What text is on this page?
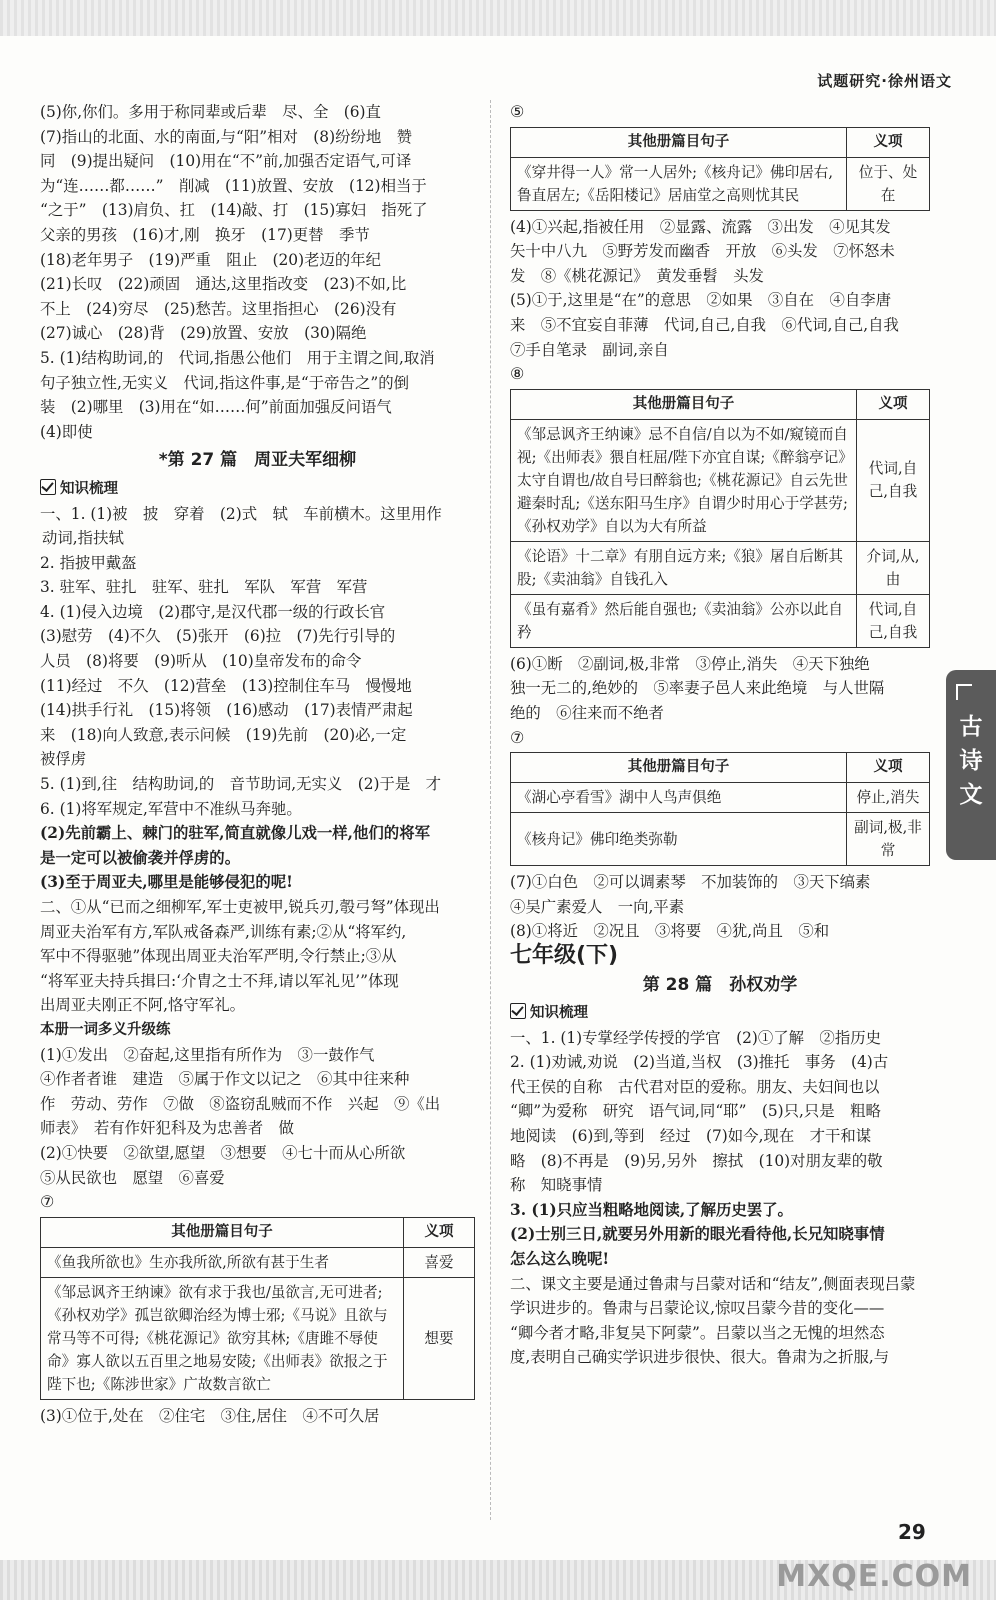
试题研究·徐州语文
(5)你,你们。多用于称同辈或后辈　尽、全　(6)直
(7)指山的北面、水的南面,与“阳”相对　(8)纷纷地　赞
同　(9)提出疑问　(10)用在“不”前,加强否定语气,可译
为“连……都……”　削减　(11)放置、安放　(12)相当于
“之于”　(13)肩负、扛　(14)敲、打　(15)寡妇　指死了
父亲的男孩　(16)才,刚　换牙　(17)更替　季节
(18)老年男子　(19)严重　阻止　(20)老迈的年纪
(21)长叹　(22)顽固　通达,这里指改变　(23)不如,比
不上　(24)穷尽　(25)愁苦。这里指担心　(26)没有
(27)诚心　(28)背　(29)放置、安放　(30)隔绝
5. (1)结构助词,的　代词,指愚公他们　用于主谓之间,取消
句子独立性,无实义　代词,指这件事,是“于帝告之”的倒
装　(2)哪里　(3)用在“如……何”前面加强反问语气
(4)即使
*第 27 篇　周亚夫军细柳
知识梳理
一、1. (1)被　披　穿着　(2)式　轼　车前横木。这里用作
动词,指扶轼
2. 指披甲戴盔
3. 驻军、驻扎　驻军、驻扎　军队　军营　军营
4. (1)侵入边境　(2)郡守,是汉代郡一级的行政长官
(3)慰劳　(4)不久　(5)张开　(6)拉　(7)先行引导的
人员　(8)将要　(9)听从　(10)皇帝发布的命令
(11)经过　不久　(12)营垒　(13)控制住车马　慢慢地
(14)拱手行礼　(15)将领　(16)感动　(17)表情严肃起
来　(18)向人致意,表示问候　(19)先前　(20)必,一定
被俘虏
5. (1)到,往　结构助词,的　音节助词,无实义　(2)于是　才
6. (1)将军规定,军营中不准纵马奔驰。
(2)先前霸上、棘门的驻军,简直就像儿戏一样,他们的将军
是一定可以被偷袭并俘虏的。
(3)至于周亚夫,哪里是能够侵犯的呢!
二、①从“已而之细柳军,军士吏被甲,锐兵刃,彀弓弩”体现出
周亚夫治军有方,军队戒备森严,训练有素;②从“将军约,
军中不得驱驰”体现出周亚夫治军严明,令行禁止;③从
“将军亚夫持兵揖曰:‘介胄之士不拜,请以军礼见’”体现
出周亚夫刚正不阿,恪守军礼。
本册一词多义升级练
(1)①发出　②奋起,这里指有所作为　③一鼓作气
④作者者谁　建造　⑤属于作文以记之　⑥其中往来种
作　劳动、劳作　⑦做　⑧盗窃乱贼而不作　兴起　⑨《出
师表》　若有作奸犯科及为忠善者　做
(2)①快要　②欲望,愿望　③想要　④七十而从心所欲
⑤从民欲也　愿望　⑥喜爱
⑦
其他册篇目句子	义项
《鱼我所欲也》生亦我所欲,所欲有甚于生者	喜爱
《邹忌讽齐王纳谏》欲有求于我也/虽欲言,无可进者;《孙权劝学》孤岂欲卿治经为博士邪;《马说》且欲与常马等不可得;《桃花源记》欲穷其林;《唐雎不辱使命》寡人欲以五百里之地易安陵;《出师表》欲报之于陛下也;《陈涉世家》广故数言欲亡	想要
(3)①位于,处在　②住宅　③住,居住　④不可久居
⑤
其他册篇目句子	义项
《穿井得一人》常一人居外;《核舟记》佛印居右,鲁直居左;《岳阳楼记》居庙堂之高则忧其民	位于、处在
(4)①兴起,指被任用　②显露、流露　③出发　④见其发
矢十中八九　⑤野芳发而幽香　开放　⑥头发　⑦怀怒未
发　⑧《桃花源记》　黄发垂髫　头发
(5)①于,这里是“在”的意思　②如果　③自在　④自李唐
来　⑤不宜妄自菲薄　代词,自己,自我　⑥代词,自己,自我
⑦手自笔录　副词,亲自
⑧
其他册篇目句子	义项
《邹忌讽齐王纳谏》忌不自信/自以为不如/窥镜而自视;《出师表》猥自枉屈/陛下亦宜自谋;《醉翁亭记》太守自谓也/故自号曰醉翁也;《桃花源记》自云先世避秦时乱;《送东阳马生序》自谓少时用心于学甚劳;《孙权劝学》自以为大有所益	代词,自己,自我
《论语》十二章》有朋自远方来;《狼》屠自后断其股;《卖油翁》自钱孔入	介词,从,由
《虽有嘉肴》然后能自强也;《卖油翁》公亦以此自矜	代词,自己,自我
(6)①断　②副词,极,非常　③停止,消失　④天下独绝
独一无二的,绝妙的　⑤率妻子邑人来此绝境　与人世隔
绝的　⑥往来而不绝者
⑦
其他册篇目句子	义项
《湖心亭看雪》湖中人鸟声俱绝	停止,消失
《核舟记》佛印绝类弥勒	副词,极,非常
(7)①白色　②可以调素琴　不加装饰的　③天下缟素
④吴广素爱人　一向,平素
(8)①将近　②况且　③将要　④犹,尚且　⑤和
七年级(下)
第 28 篇　孙权劝学
知识梳理
一、1. (1)专掌经学传授的学官　(2)①了解　②指历史
2. (1)劝诫,劝说　(2)当道,当权　(3)推托　事务　(4)古
代王侯的自称　古代君对臣的爱称。朋友、夫妇间也以
“卿”为爱称　研究　语气词,同“耶”　(5)只,只是　粗略
地阅读　(6)到,等到　经过　(7)如今,现在　才干和谋
略　(8)不再是　(9)另,另外　擦拭　(10)对朋友辈的敬
称　知晓事情
3. (1)只应当粗略地阅读,了解历史罢了。
(2)士别三日,就要另外用新的眼光看待他,长兄知晓事情
怎么这么晚呢!
二、课文主要是通过鲁肃与吕蒙对话和“结友”,侧面表现吕蒙
学识进步的。鲁肃与吕蒙论议,惊叹吕蒙今昔的变化——
“卿今者才略,非复吴下阿蒙”。吕蒙以当之无愧的坦然态
度,表明自己确实学识进步很快、很大。鲁肃为之折服,与
古诗文
29
MXQE.COM
